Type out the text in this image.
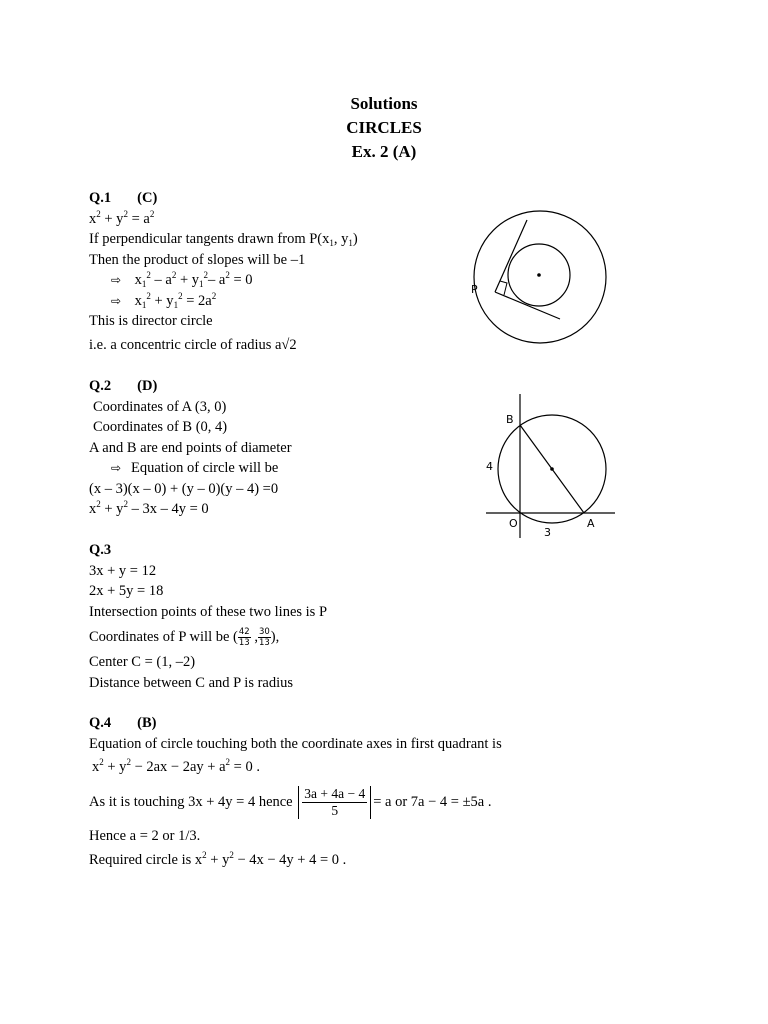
Solutions
CIRCLES
Ex. 2 (A)
Q.1 (C)
$x^2 + y^2 = a^2$
If perpendicular tangents drawn from $P(x_1$, $y_1$)
Then the product of slopes will be –1
⇨ $x_1^2 - a^2 + y_1^2-$ $a^2 = 0$
⇨ $x_1^2 + y_1^2 = 2a^2$
This is director circle
i.e. a concentric circle of radius a√2
P
Q.2 (D)
Coordinates of A (3, 0)
Coordinates of B (0, 4)
A and B are end points of diameter
⇨ Equation of circle will be
(x – 3)(x – 0) + (y – 0)(y – 4) =0
$x^2 + y^2 - 3x - 4y = 0$
B
4
O
3
A
Q.3
3x + y = 12
2x + 5y = 18
Intersection points of these two lines is P
Coordinates of P will be ( $\frac{42}{13}$ , $\frac{30}{13}$ ),
Center C = (1, –2)
Distance between C and P is radius
Q.4 (B)
Equation of circle touching both the coordinate axes in first quadrant is
$x^2 + y^2 - 2ax - 2ay + a^2 = 0$ .
As it is touching 3x + 4y = 4 hence $\frac{3a + 4a - 4}{5} = a$ or 7a − 4 = ±5a .
Hence a = 2 or 1/3.
Required circle is $x^2 + y^2 - 4x - 4y + 4 = 0$ .
